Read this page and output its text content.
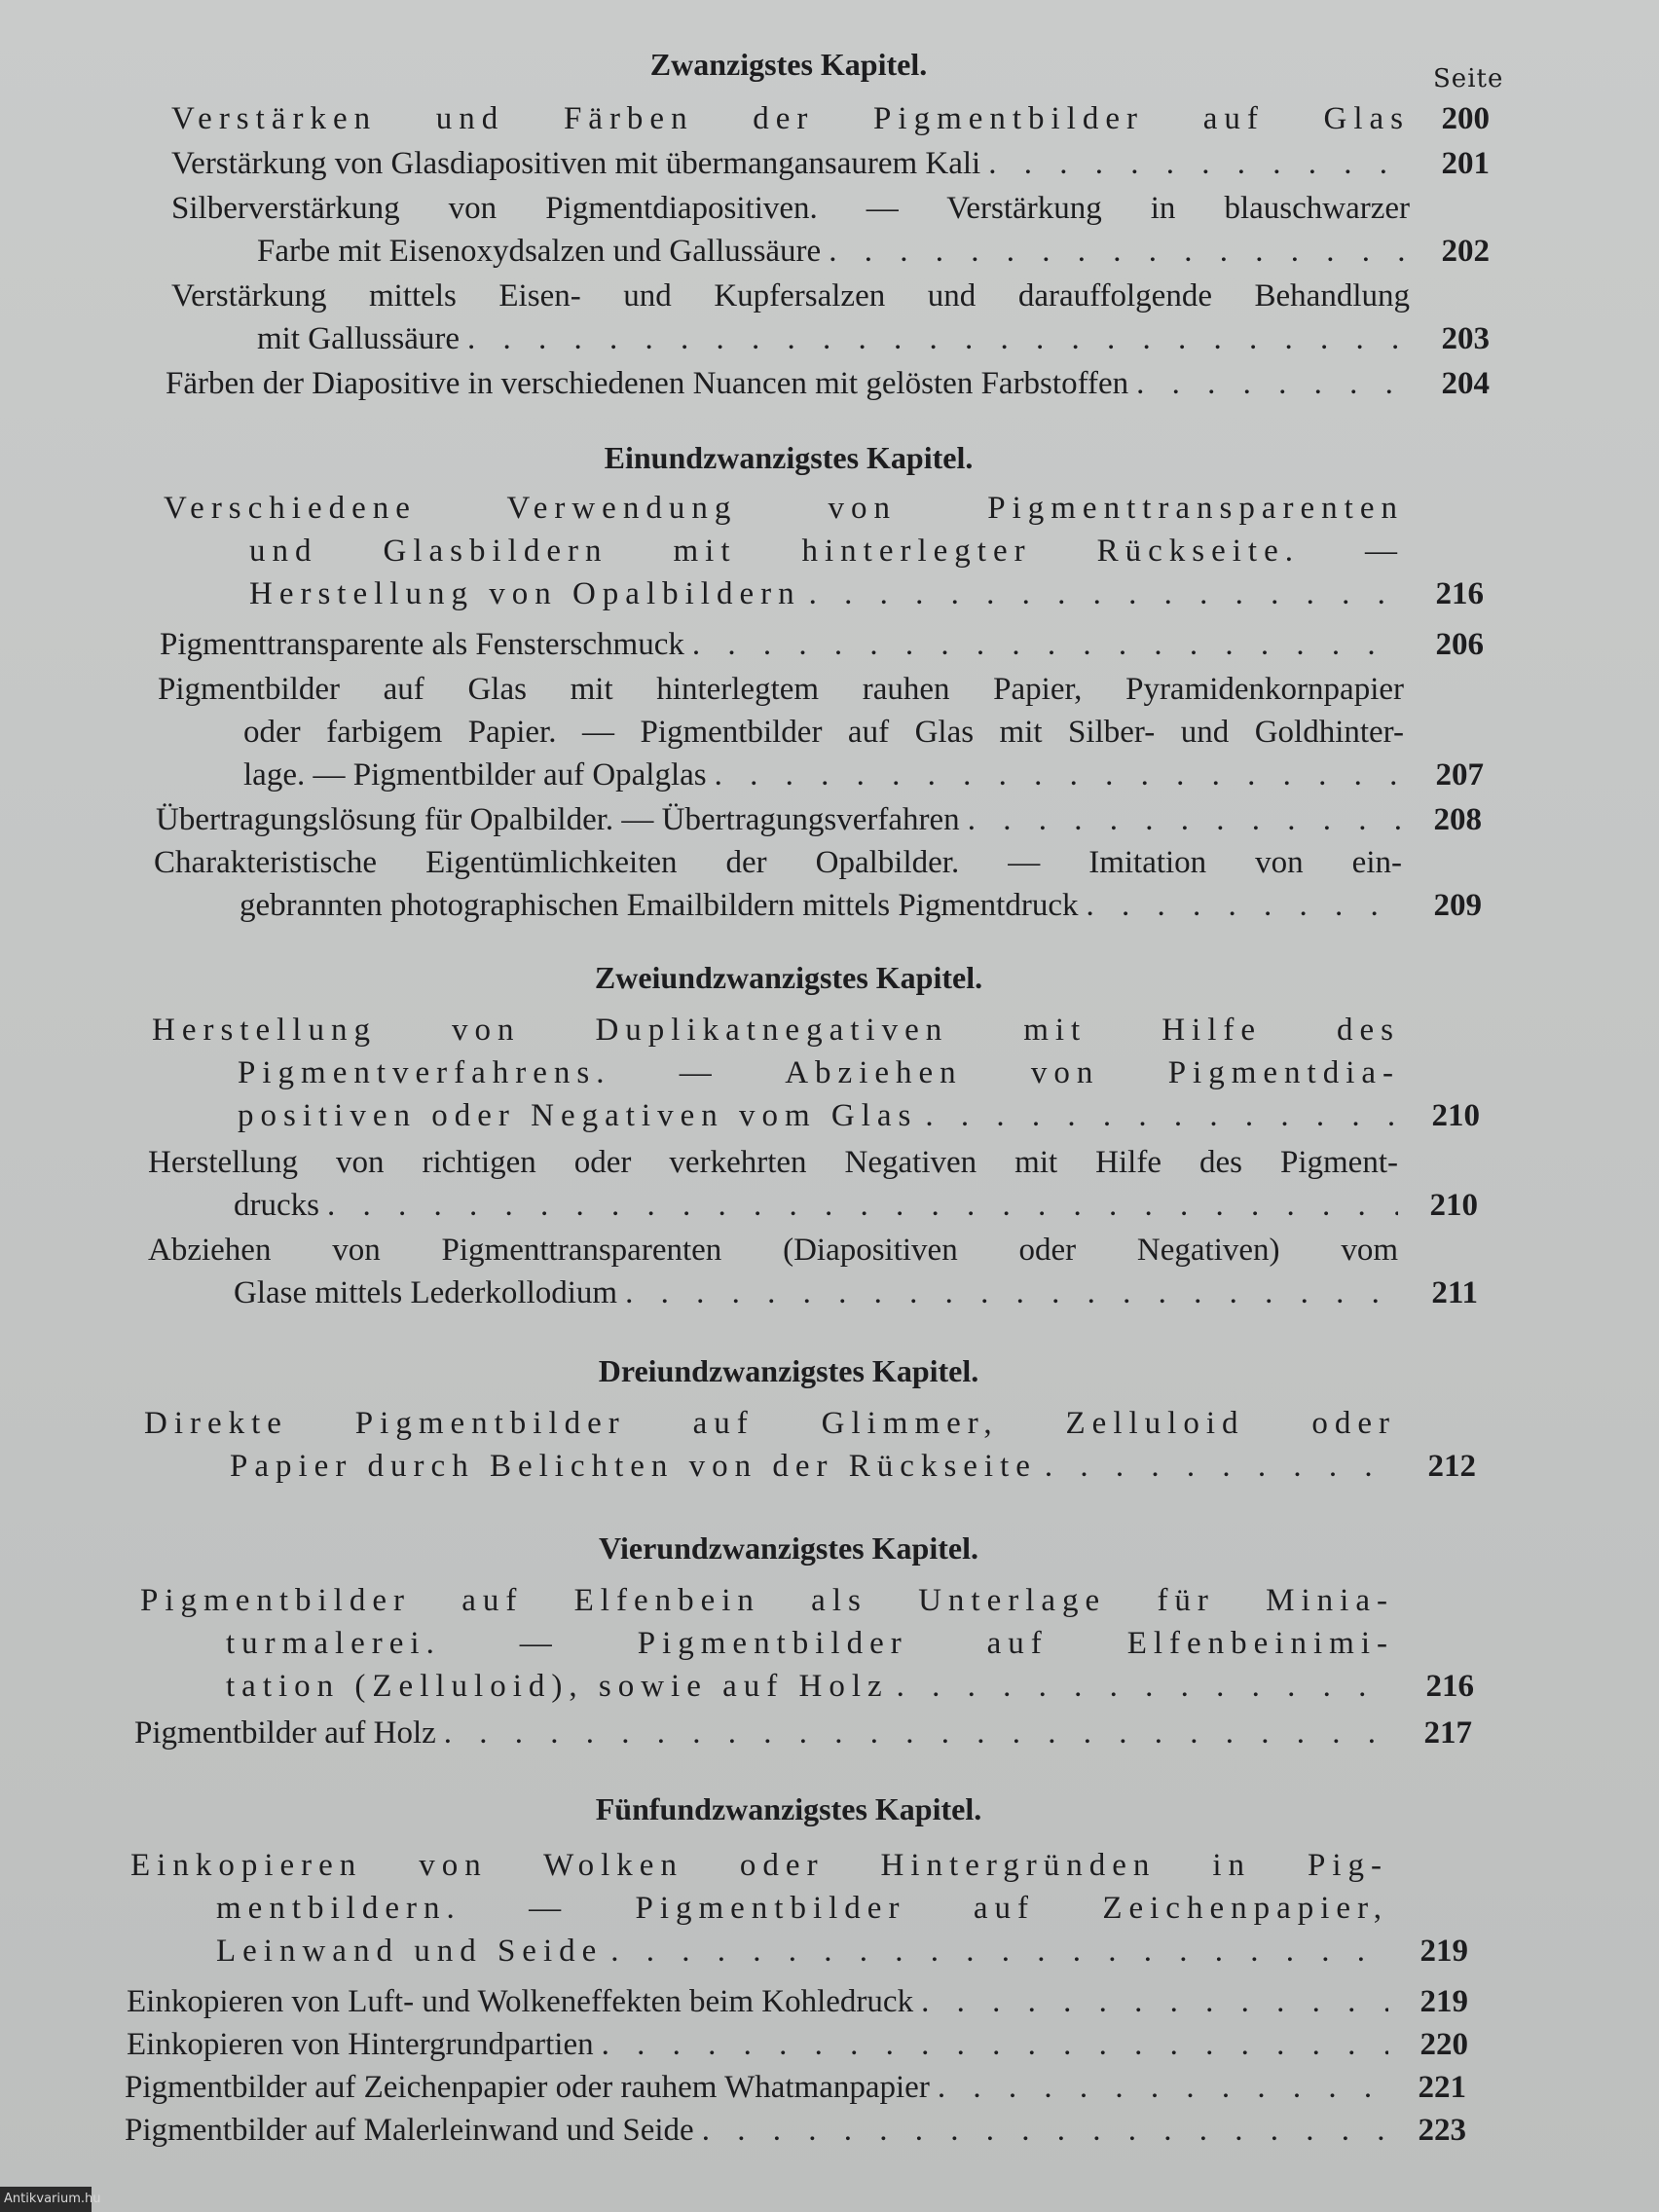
Seite
Zwanzigstes Kapitel.
Verstärken und Färben der Pigmentbilder auf Glas 200
Verstärkung von Glasdiapositiven mit übermangansaurem Kali . . .	201
Silberverstärkung von Pigmentdiapositiven. — Verstärkung in blauschwarzer
Farbe mit Eisenoxydsalzen und Gallussäure . . .	202
Verstärkung mittels Eisen- und Kupfersalzen und darauffolgende Behandlung
mit Gallussäure . . .	203
Färben der Diapositive in verschiedenen Nuancen mit gelösten Farbstoffen . . .	204
Einundzwanzigstes Kapitel.
Verschiedene Verwendung von Pigmenttransparenten
und Glasbildern mit hinterlegter Rückseite. —
Herstellung von Opalbildern . . .	216
Pigmenttransparente als Fensterschmuck . . .	206
Pigmentbilder auf Glas mit hinterlegtem rauhen Papier, Pyramidenkornpapier
oder farbigem Papier. — Pigmentbilder auf Glas mit Silber- und Goldhinter-
lage. — Pigmentbilder auf Opalglas . . .	207
Übertragungslösung für Opalbilder. — Übertragungsverfahren . . .	208
Charakteristische Eigentümlichkeiten der Opalbilder. — Imitation von ein-
gebrannten photographischen Emailbildern mittels Pigmentdruck . . .	209
Zweiundzwanzigstes Kapitel.
Herstellung von Duplikatnegativen mit Hilfe des
Pigmentverfahrens. — Abziehen von Pigmentdia-
positiven oder Negativen vom Glas . . .	210
Herstellung von richtigen oder verkehrten Negativen mit Hilfe des Pigment-
drucks . . .	210
Abziehen von Pigmenttransparenten (Diapositiven oder Negativen) vom
Glase mittels Lederkollodium . . .	211
Dreiundzwanzigstes Kapitel.
Direkte Pigmentbilder auf Glimmer, Zelluloid oder
Papier durch Belichten von der Rückseite . . .	212
Vierundzwanzigstes Kapitel.
Pigmentbilder auf Elfenbein als Unterlage für Minia-
turmalerei. — Pigmentbilder auf Elfenbeinimi-
tation (Zelluloid), sowie auf Holz . . .	216
Pigmentbilder auf Holz . . .	217
Fünfundzwanzigstes Kapitel.
Einkopieren von Wolken oder Hintergründen in Pig-
mentbildern. — Pigmentbilder auf Zeichenpapier,
Leinwand und Seide . . .	219
Einkopieren von Luft- und Wolkeneffekten beim Kohledruck . . .	219
Einkopieren von Hintergrundpartien . . .	220
Pigmentbilder auf Zeichenpapier oder rauhem Whatmanpapier . . .	221
Pigmentbilder auf Malerleinwand und Seide . . .	223
Antikvarium.hu
